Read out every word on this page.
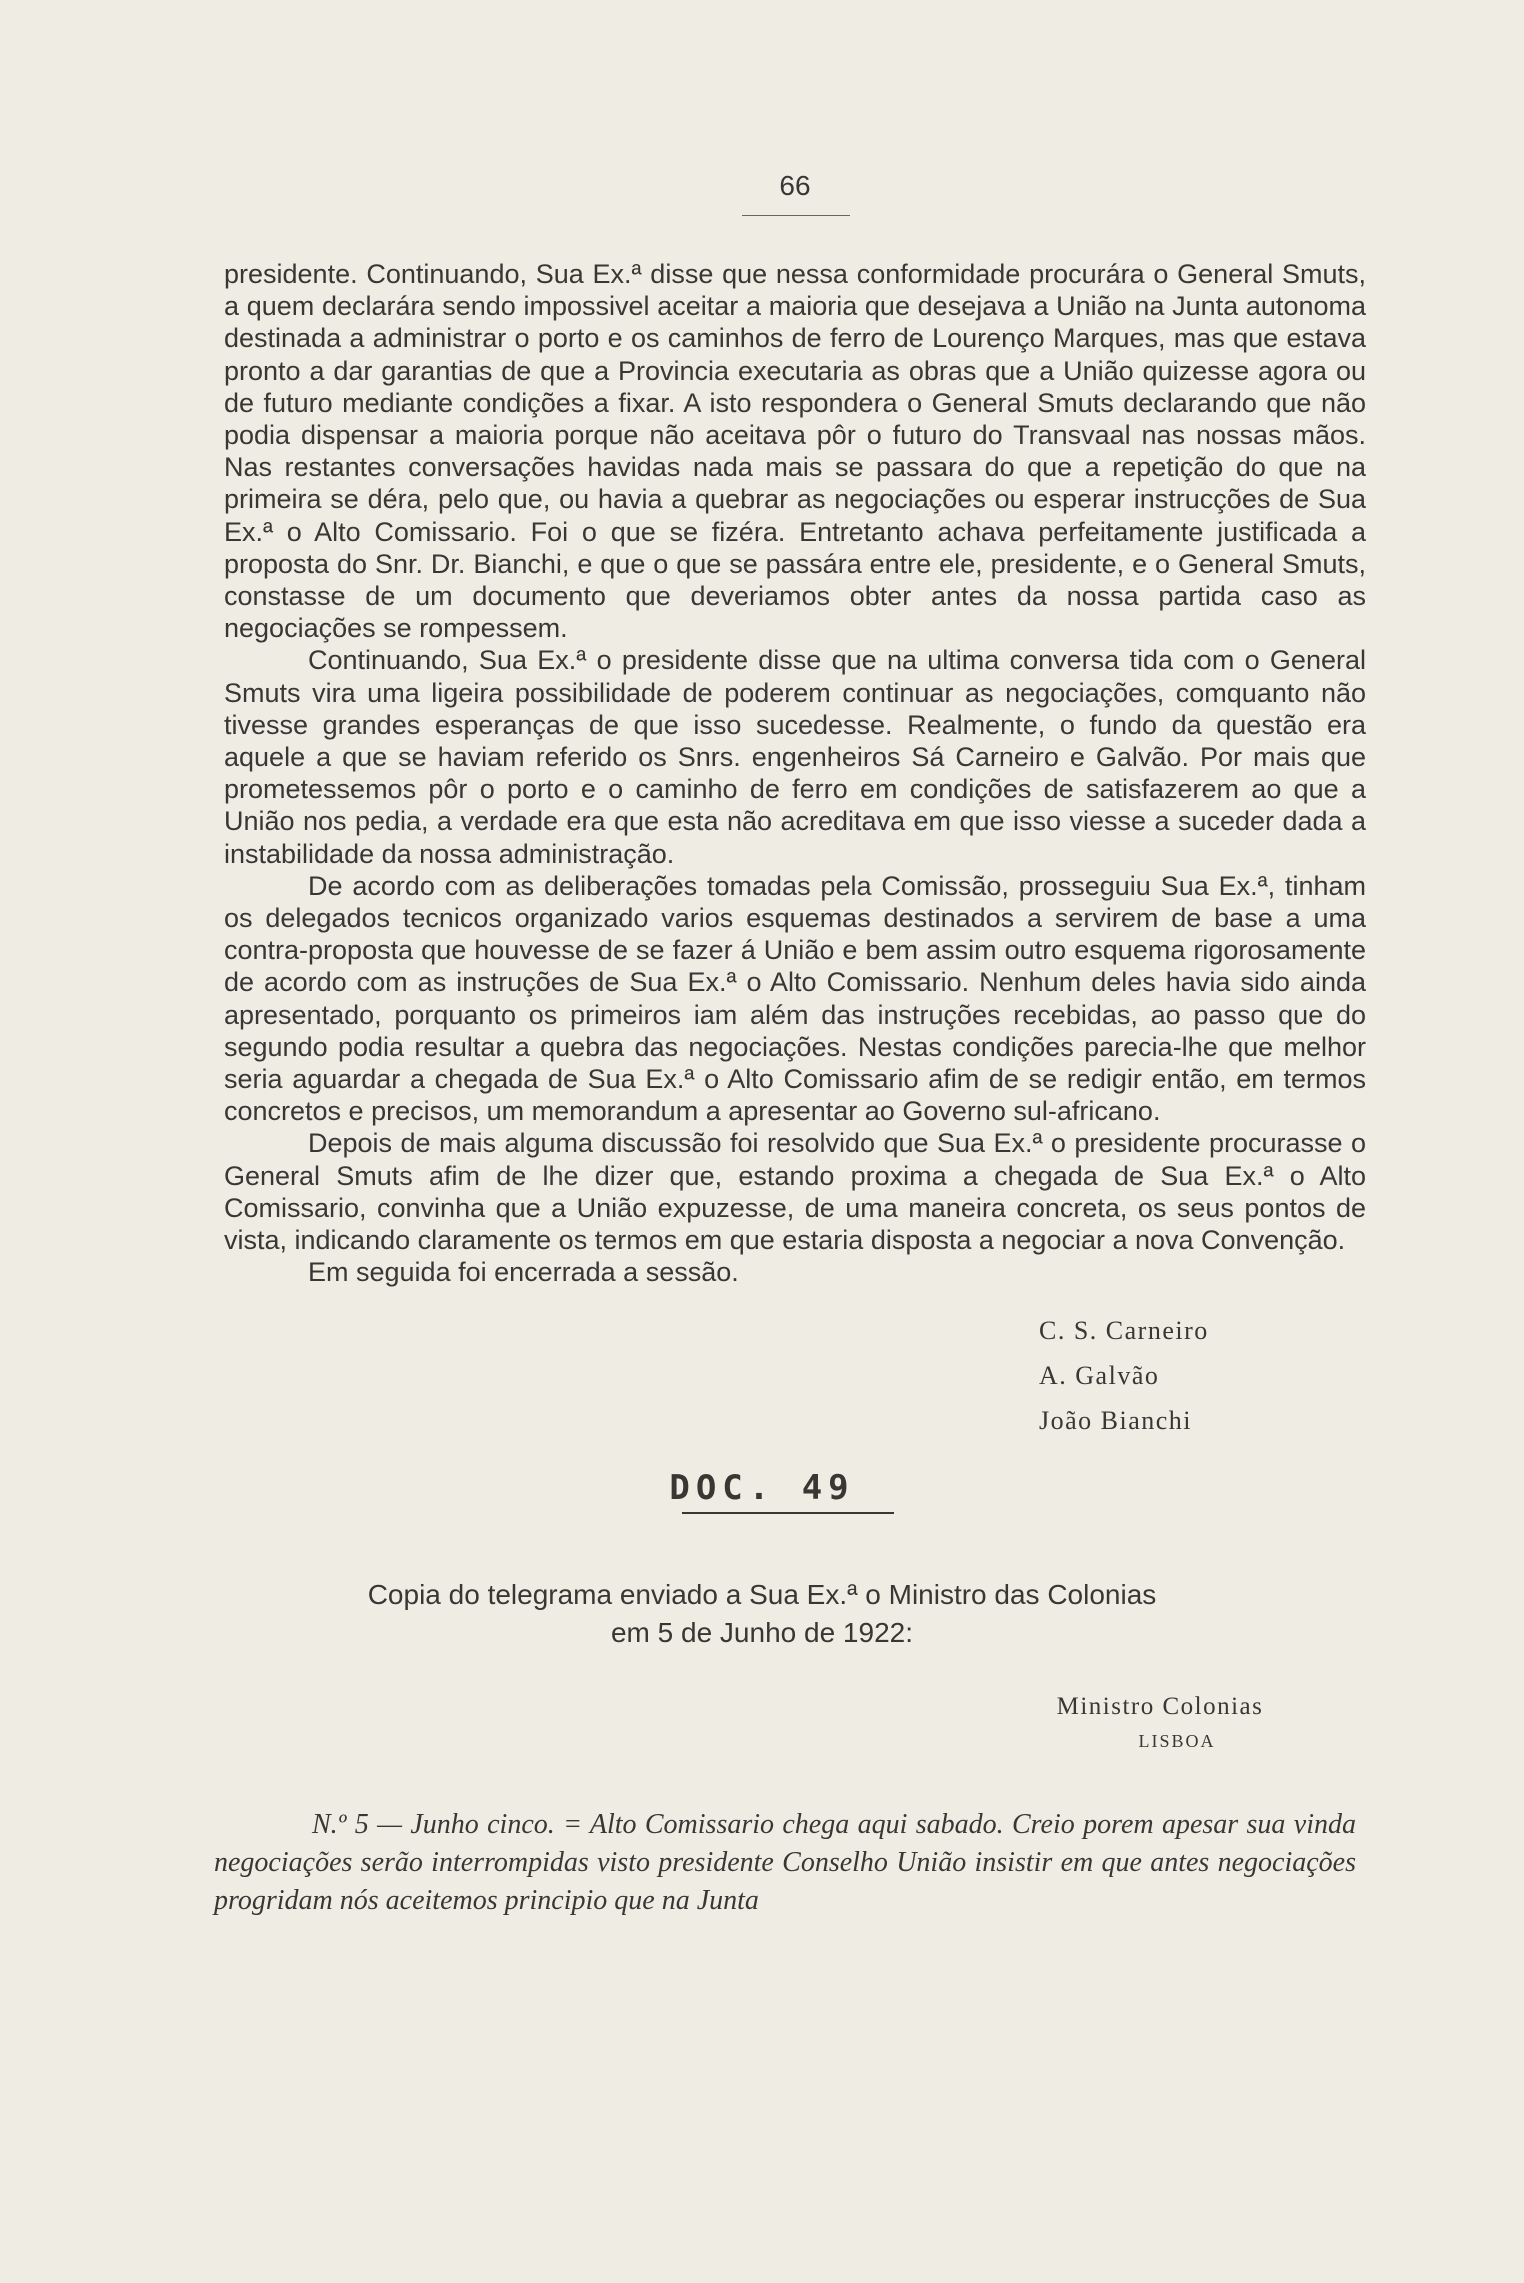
66

presidente. Continuando, Sua Ex.ª disse que nessa conformidade procurára o General Smuts, a quem declarára sendo impossivel aceitar a maioria que desejava a União na Junta autonoma destinada a administrar o porto e os caminhos de ferro de Lourenço Marques, mas que estava pronto a dar garantias de que a Provincia executaria as obras que a União quizesse agora ou de futuro mediante condições a fixar. A isto respondera o General Smuts declarando que não podia dispensar a maioria porque não aceitava pôr o futuro do Transvaal nas nossas mãos. Nas restantes conversações havidas nada mais se passara do que a repetição do que na primeira se déra, pelo que, ou havia a quebrar as negociações ou esperar instrucções de Sua Ex.ª o Alto Comissario. Foi o que se fizéra. Entretanto achava perfeitamente justificada a proposta do Snr. Dr. Bianchi, e que o que se passára entre ele, presidente, e o General Smuts, constasse de um documento que deveriamos obter antes da nossa partida caso as negociações se rompessem.

Continuando, Sua Ex.ª o presidente disse que na ultima conversa tida com o General Smuts vira uma ligeira possibilidade de poderem continuar as negociações, comquanto não tivesse grandes esperanças de que isso sucedesse. Realmente, o fundo da questão era aquele a que se haviam referido os Snrs. engenheiros Sá Carneiro e Galvão. Por mais que prometessemos pôr o porto e o caminho de ferro em condições de satisfazerem ao que a União nos pedia, a verdade era que esta não acreditava em que isso viesse a suceder dada a instabilidade da nossa administração.

De acordo com as deliberações tomadas pela Comissão, prosseguiu Sua Ex.ª, tinham os delegados tecnicos organizado varios esquemas destinados a servirem de base a uma contra-proposta que houvesse de se fazer á União e bem assim outro esquema rigorosamente de acordo com as instruções de Sua Ex.ª o Alto Comissario. Nenhum deles havia sido ainda apresentado, porquanto os primeiros iam além das instruções recebidas, ao passo que do segundo podia resultar a quebra das negociações. Nestas condições parecia-lhe que melhor seria aguardar a chegada de Sua Ex.ª o Alto Comissario afim de se redigir então, em termos concretos e precisos, um memorandum a apresentar ao Governo sul-africano.

Depois de mais alguma discussão foi resolvido que Sua Ex.ª o presidente procurasse o General Smuts afim de lhe dizer que, estando proxima a chegada de Sua Ex.ª o Alto Comissario, convinha que a União expuzesse, de uma maneira concreta, os seus pontos de vista, indicando claramente os termos em que estaria disposta a negociar a nova Convenção.

Em seguida foi encerrada a sessão.

C. S. Carneiro
A. Galvão
João Bianchi
DOC. 49
Copia do telegrama enviado a Sua Ex.ª o Ministro das Colonias
em 5 de Junho de 1922:
Ministro Colonias
LISBOA

N.º 5 — Junho cinco. = Alto Comissario chega aqui sabado. Creio porem apesar sua vinda negociações serão interrompidas visto presidente Conselho União insistir em que antes negociações progridam nós aceitemos principio que na Junta
